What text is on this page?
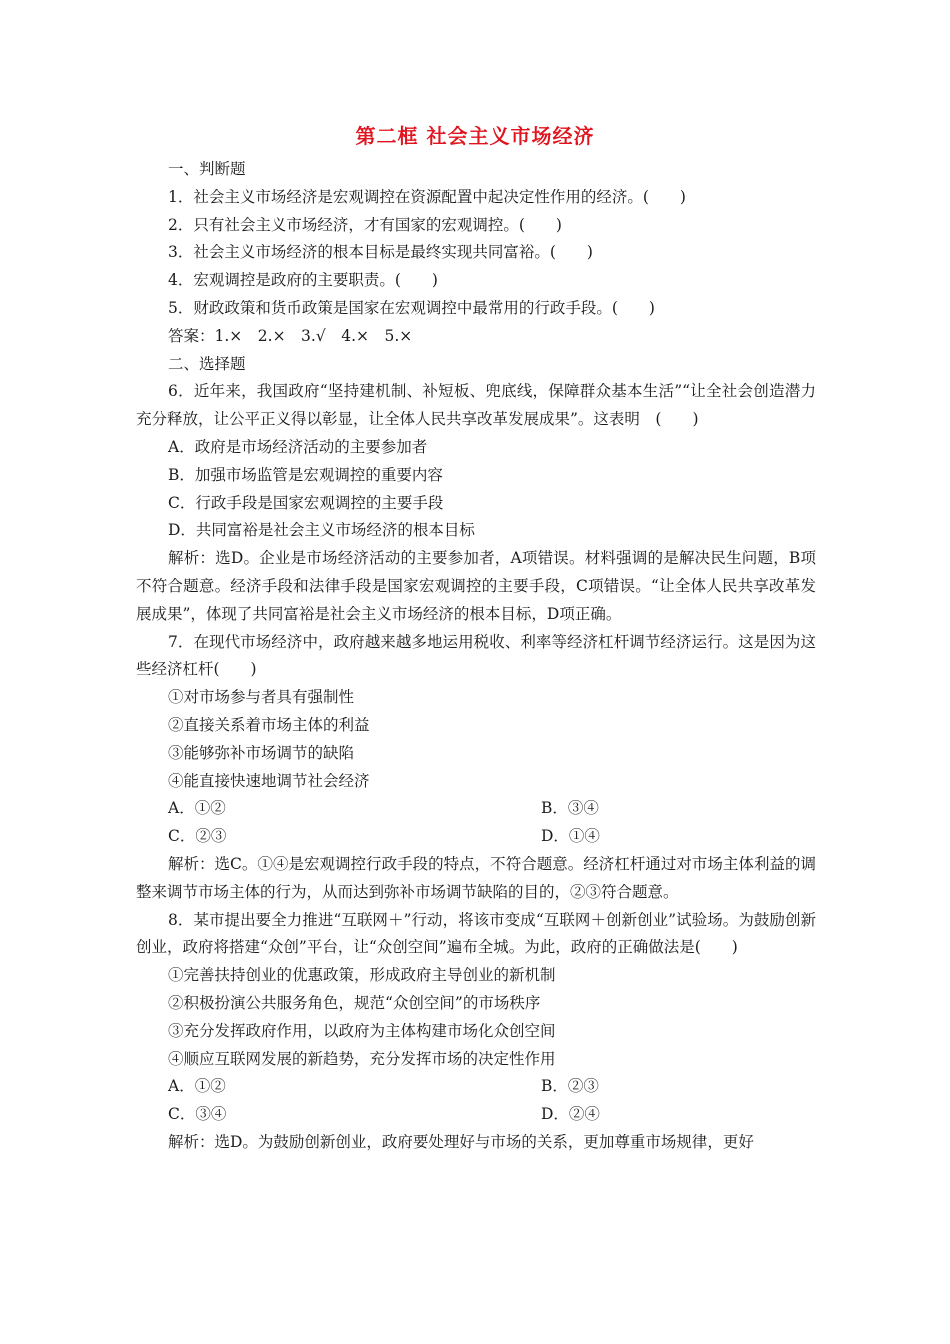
第二框 社会主义市场经济
一、判断题
1．社会主义市场经济是宏观调控在资源配置中起决定性作用的经济。(　　)
2．只有社会主义市场经济，才有国家的宏观调控。(　　)
3．社会主义市场经济的根本目标是最终实现共同富裕。(　　)
4．宏观调控是政府的主要职责。(　　)
5．财政政策和货币政策是国家在宏观调控中最常用的行政手段。(　　)
答案：1.×　2.×　3.√　4.×　5.×
二、选择题
6．近年来，我国政府“坚持建机制、补短板、兜底线，保障群众基本生活”“让全社会创造潜力充分释放，让公平正义得以彰显，让全体人民共享改革发展成果”。这表明　(　　)
A．政府是市场经济活动的主要参加者
B．加强市场监管是宏观调控的重要内容
C．行政手段是国家宏观调控的主要手段
D．共同富裕是社会主义市场经济的根本目标
解析：选D。企业是市场经济活动的主要参加者，A项错误。材料强调的是解决民生问题，B项不符合题意。经济手段和法律手段是国家宏观调控的主要手段，C项错误。“让全体人民共享改革发展成果”，体现了共同富裕是社会主义市场经济的根本目标，D项正确。
7．在现代市场经济中，政府越来越多地运用税收、利率等经济杠杆调节经济运行。这是因为这些经济杠杆(　　)
①对市场参与者具有强制性
②直接关系着市场主体的利益
③能够弥补市场调节的缺陷
④能直接快速地调节社会经济
A．①②	B．③④
C．②③	D．①④
解析：选C。①④是宏观调控行政手段的特点，不符合题意。经济杠杆通过对市场主体利益的调整来调节市场主体的行为，从而达到弥补市场调节缺陷的目的，②③符合题意。
8．某市提出要全力推进“互联网＋”行动，将该市变成“互联网＋创新创业”试验场。为鼓励创新创业，政府将搭建“众创”平台，让“众创空间”遍布全城。为此，政府的正确做法是(　　)
①完善扶持创业的优惠政策，形成政府主导创业的新机制
②积极扮演公共服务角色，规范“众创空间”的市场秩序
③充分发挥政府作用，以政府为主体构建市场化众创空间
④顺应互联网发展的新趋势，充分发挥市场的决定性作用
A．①②	B．②③
C．③④	D．②④
解析：选D。为鼓励创新创业，政府要处理好与市场的关系，更加尊重市场规律，更好
